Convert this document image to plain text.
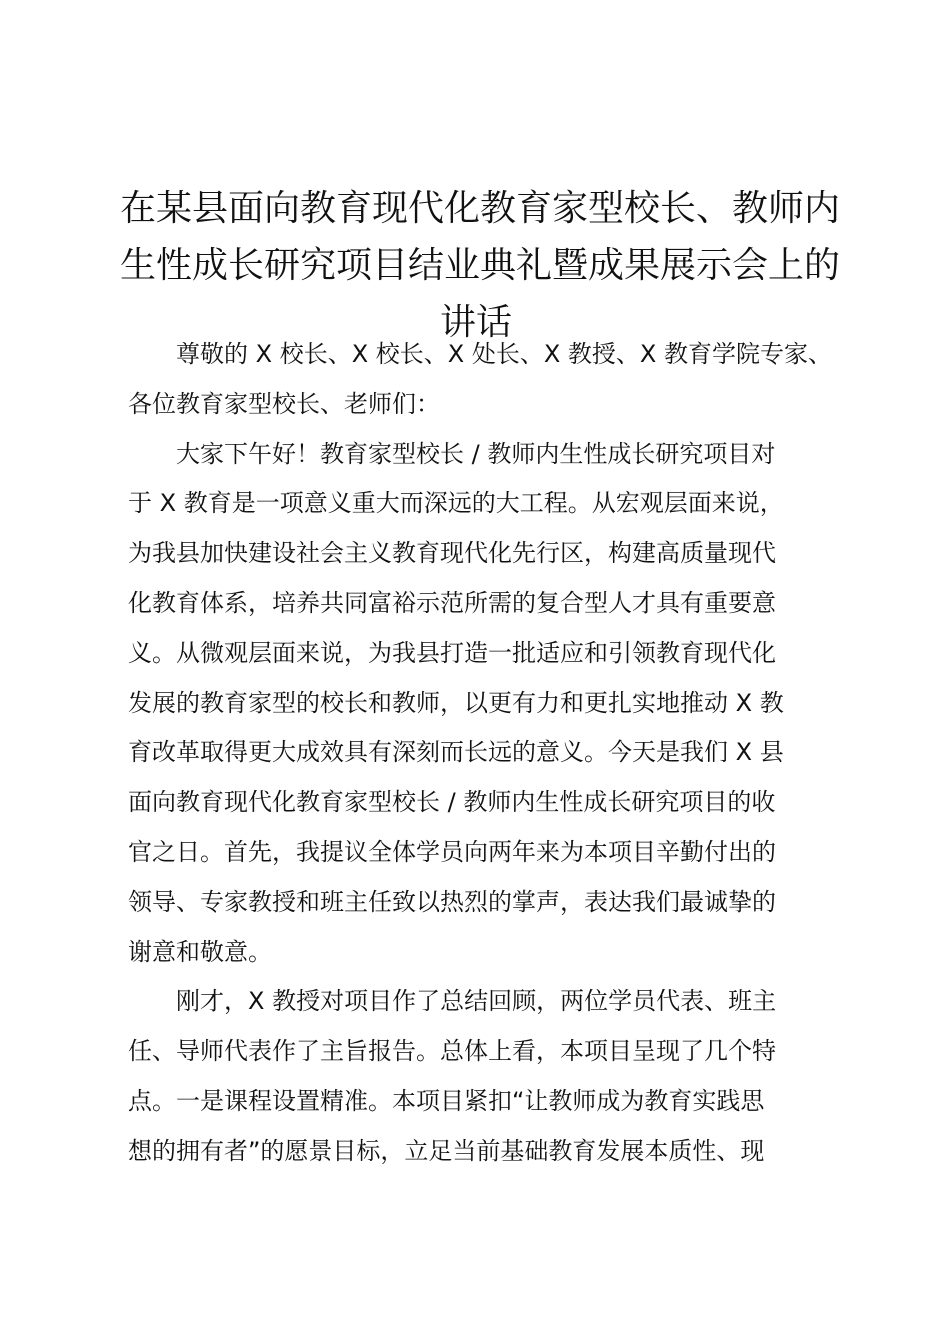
在某县面向教育现代化教育家型校长、教师内
生性成长研究项目结业典礼暨成果展示会上的
讲话
尊敬的 X 校长、X 校长、X 处长、X 教授、X 教育学院专家、
各位教育家型校长、老师们：
大家下午好！教育家型校长 / 教师内生性成长研究项目对
于 X 教育是一项意义重大而深远的大工程。从宏观层面来说，
为我县加快建设社会主义教育现代化先行区，构建高质量现代
化教育体系，培养共同富裕示范所需的复合型人才具有重要意
义。从微观层面来说，为我县打造一批适应和引领教育现代化
发展的教育家型的校长和教师，以更有力和更扎实地推动 X 教
育改革取得更大成效具有深刻而长远的意义。今天是我们 X 县
面向教育现代化教育家型校长 / 教师内生性成长研究项目的收
官之日。首先，我提议全体学员向两年来为本项目辛勤付出的
领导、专家教授和班主任致以热烈的掌声，表达我们最诚挚的
谢意和敬意。
刚才，X 教授对项目作了总结回顾，两位学员代表、班主
任、导师代表作了主旨报告。总体上看，本项目呈现了几个特
点。一是课程设置精准。本项目紧扣“让教师成为教育实践思
想的拥有者”的愿景目标，立足当前基础教育发展本质性、现
